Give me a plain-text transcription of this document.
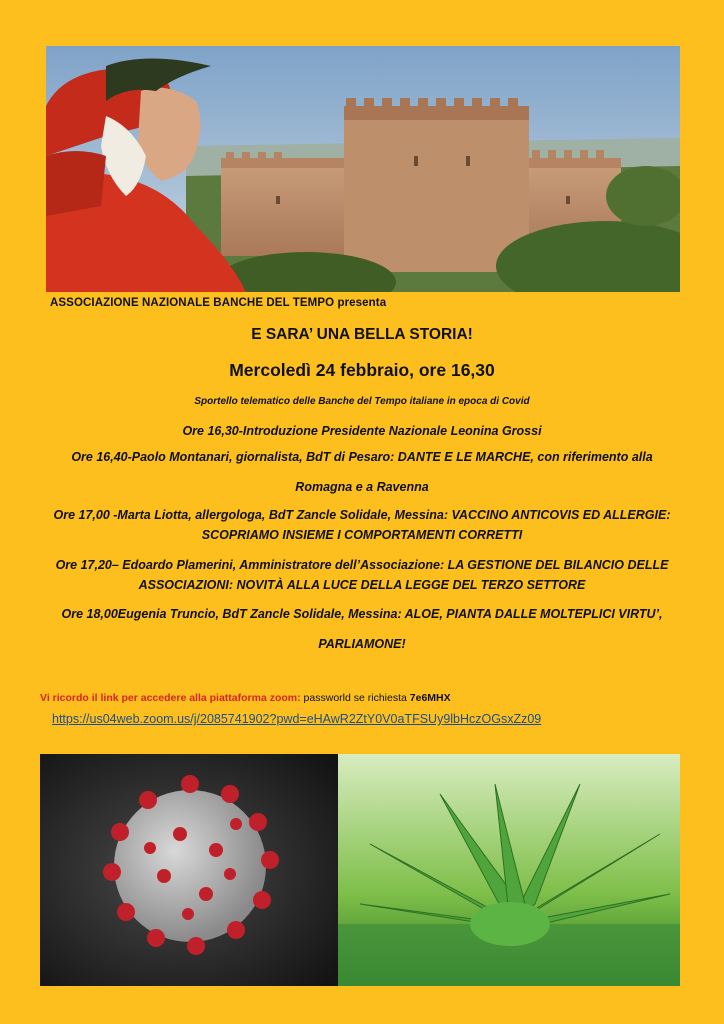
ASSOCIAZIONE NAZIONALE BANCHE DEL TEMPO presenta
E SARA’ UNA BELLA STORIA!
Mercoledì 24 febbraio, ore 16,30
Sportello telematico delle Banche del Tempo italiane in epoca di Covid
Ore 16,30-Introduzione Presidente Nazionale Leonina Grossi
Ore 16,40-Paolo Montanari, giornalista, BdT di Pesaro: DANTE E LE MARCHE, con riferimento alla
Romagna e a Ravenna
Ore 17,00 -Marta Liotta, allergologa, BdT Zancle Solidale, Messina: VACCINO ANTICOVIS ED ALLERGIE:
SCOPRIAMO INSIEME I COMPORTAMENTI CORRETTI
Ore 17,20– Edoardo Plamerini, Amministratore dell’Associazione: LA GESTIONE DEL BILANCIO DELLE
ASSOCIAZIONI: NOVITÀ ALLA LUCE DELLA LEGGE DEL TERZO SETTORE
Ore 18,00Eugenia Truncio, BdT Zancle Solidale, Messina: ALOE, PIANTA DALLE MOLTEPLICI VIRTU’,
PARLIAMONE!
Vi ricordo il link per accedere alla piattaforma zoom: passworld se richiesta 7e6MHX
https://us04web.zoom.us/j/2085741902?pwd=eHAwR2ZtY0V0aTFSUy9lbHczOGsxZz09
